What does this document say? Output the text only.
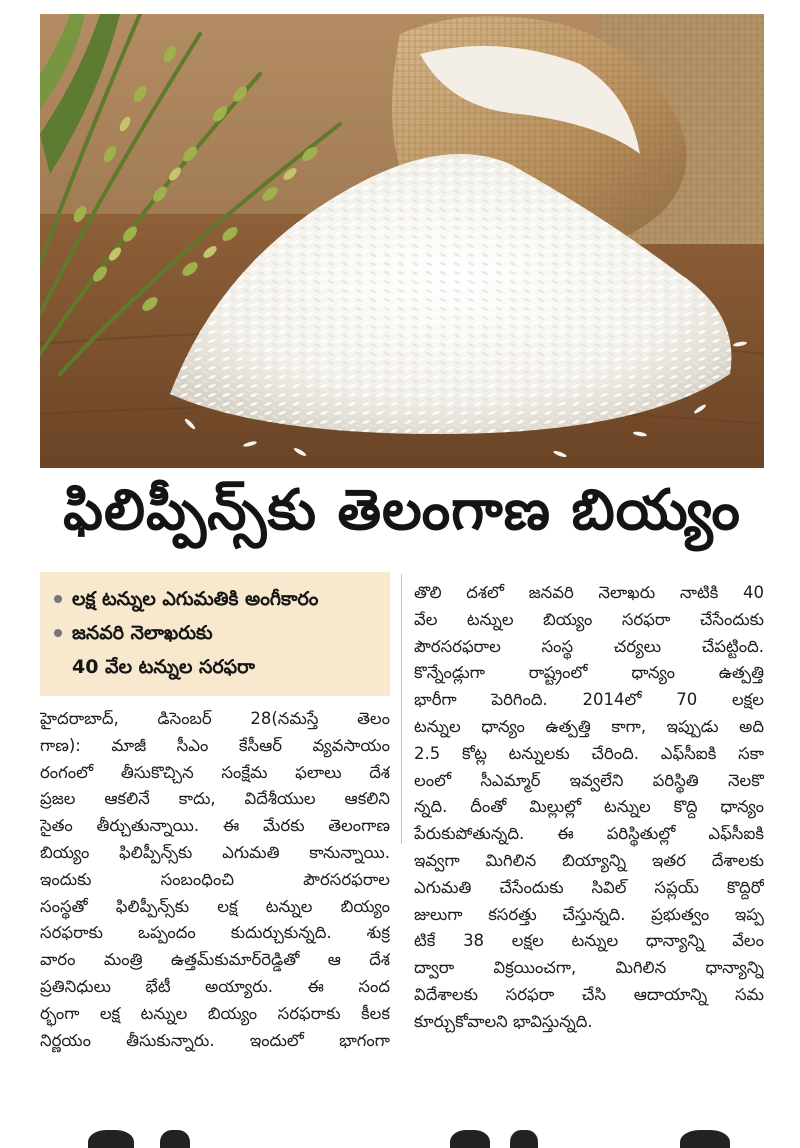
ఫిలిప్పీన్స్‌కు తెలంగాణ బియ్యం
లక్ష టన్నుల ఎగుమతికి అంగీకారం
జనవరి నెలాఖరుకు
40 వేల టన్నుల సరఫరా
హైదరాబాద్, డిసెంబర్ 28(నమస్తే తెలం
గాణ): మాజీ సీఎం కేసీఆర్ వ్యవసాయం
రంగంలో తీసుకొచ్చిన సంక్షేమ ఫలాలు దేశ
ప్రజల ఆకలినే కాదు, విదేశీయుల ఆకలిని
సైతం తీర్చుతున్నాయి. ఈ మేరకు తెలంగాణ
బియ్యం ఫిలిప్పీన్స్‌కు ఎగుమతి కానున్నాయి.
ఇందుకు సంబంధించి పౌరసరఫరాల
సంస్థతో ఫిలిప్పీన్స్‌కు లక్ష టన్నుల బియ్యం
సరఫరాకు ఒప్పందం కుదుర్చుకున్నది. శుక్ర
వారం మంత్రి ఉత్తమ్‌కుమార్‌రెడ్డితో ఆ దేశ
ప్రతినిధులు భేటీ అయ్యారు. ఈ సంద
ర్భంగా లక్ష టన్నుల బియ్యం సరఫరాకు కీలక
నిర్ణయం తీసుకున్నారు. ఇందులో భాగంగా
తొలి దశలో జనవరి నెలాఖరు నాటికి 40
వేల టన్నుల బియ్యం సరఫరా చేసేందుకు
పౌరసరఫరాల సంస్థ చర్యలు చేపట్టింది.
కొన్నేండ్లుగా రాష్ట్రంలో ధాన్యం ఉత్పత్తి
భారీగా పెరిగింది. 2014లో 70 లక్షల
టన్నుల ధాన్యం ఉత్పత్తి కాగా, ఇప్పుడు అది
2.5 కోట్ల టన్నులకు చేరింది. ఎఫ్‌సీఐకి సకా
లంలో సీఎమ్మార్ ఇవ్వలేని పరిస్థితి నెలకొ
న్నది. దీంతో మిల్లుల్లో టన్నుల కొద్ది ధాన్యం
పేరుకుపోతున్నది. ఈ పరిస్థితుల్లో ఎఫ్‌సీఐకి
ఇవ్వగా మిగిలిన బియ్యాన్ని ఇతర దేశాలకు
ఎగుమతి చేసేందుకు సివిల్ సప్లయ్ కొద్దిరో
జులుగా కసరత్తు చేస్తున్నది. ప్రభుత్వం ఇప్ప
టికే 38 లక్షల టన్నుల ధాన్యాన్ని వేలం
ద్వారా విక్రయించగా, మిగిలిన ధాన్యాన్ని
విదేశాలకు సరఫరా చేసి ఆదాయాన్ని సమ
కూర్చుకోవాలని భావిస్తున్నది.
